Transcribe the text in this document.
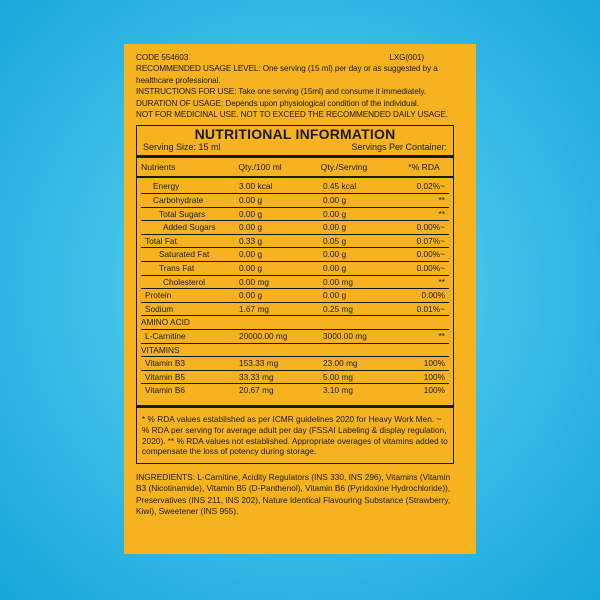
CODE 554603	LXG(001)

RECOMMENDED USAGE LEVEL: One serving (15 ml) per day or as suggested by a healthcare professional.

INSTRUCTIONS FOR USE: Take one serving (15ml) and consume it immediately.

DURATION OF USAGE: Depends upon physiological condition of the individual.

NOT FOR MEDICINAL USE. NOT TO EXCEED THE RECOMMENDED DAILY USAGE.

NUTRITIONAL INFORMATION
Serving Size: 15 ml	Servings Per Container:
Nutrients	Qty./100 ml	Qty./Serving	*% RDA
Energy	3.00 kcal	0.45 kcal	0.02%~
Carbohydrate	0.00 g	0.00 g	**
Total Sugars	0.00 g	0.00 g	**
Added Sugars	0.00 g	0.00 g	0.00%~
Total Fat	0.33 g	0.05 g	0.07%~
Saturated Fat	0.00 g	0.00 g	0.00%~
Trans Fat	0.00 g	0.00 g	0.00%~
Cholesterol	0.00 mg	0.00 mg	**
Protein	0.00 g	0.00 g	0.00%
Sodium	1.67 mg	0.25 mg	0.01%~
AMINO ACID
L-Carnitine	20000.00 mg	3000.00 mg	**
VITAMINS
Vitamin B3	153.33 mg	23.00 mg	100%
Vitamin B5	33.33 mg	5.00 mg	100%
Vitamin B6	20.67 mg	3.10 mg	100%
* % RDA values established as per ICMR guidelines 2020 for Heavy Work Men. ~ % RDA per serving for average adult per day (FSSAI Labeling & display regulation, 2020). ** % RDA values not established. Appropriate overages of vitamins added to compensate the loss of potency during storage.
INGREDIENTS: L-Carnitine, Acidity Regulators (INS 330, INS 296), Vitamins (Vitamin B3 (Nicotinamide), Vitamin B5 (D-Panthenol), Vitamin B6 (Pyridoxine Hydrochloride)), Preservatives (INS 211, INS 202), Nature Identical Flavouring Substance (Strawberry, Kiwi), Sweetener (INS 955).
